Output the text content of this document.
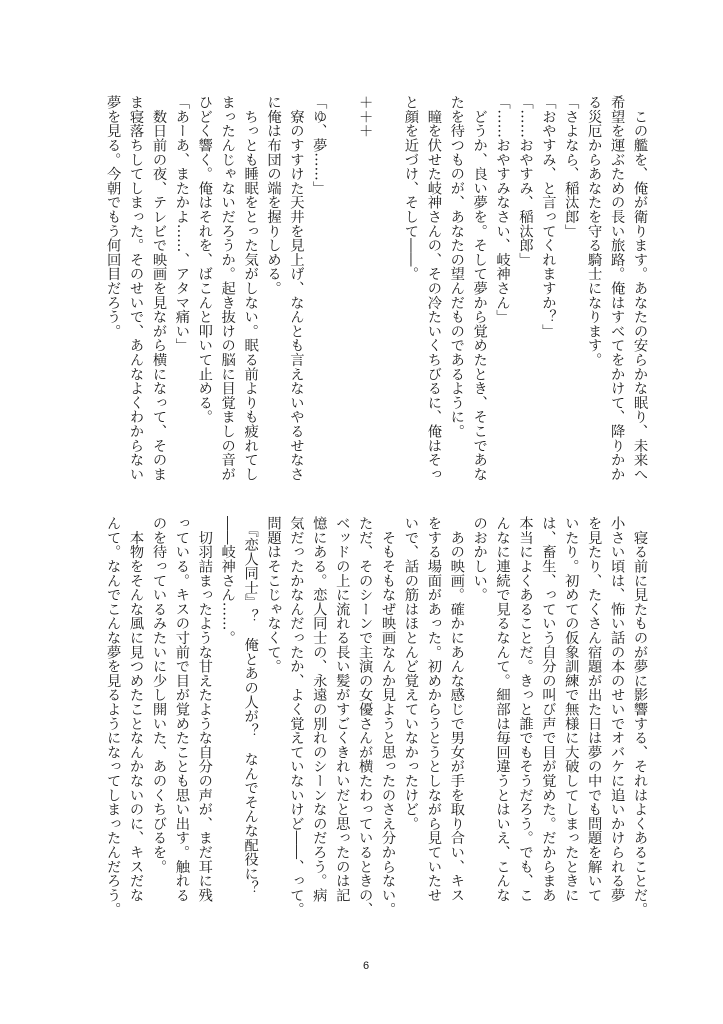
　この艦を、俺が衛ります。あなたの安らかな眠り、未来へ
希望を運ぶための長い旅路。俺はすべてをかけて、降りかか
る災厄からあなたを守る騎士になります。
「さよなら、稲汰郎」
「おやすみ、と言ってくれますか？」
「……おやすみ、稲汰郎」
「……おやすみなさい、岐神さん」
　どうか、良い夢を。そして夢から覚めたとき、そこであな
たを待つものが、あなたの望んだものであるように。
　瞳を伏せた岐神さんの、その冷たいくちびるに、俺はそっ
と顔を近づけ、そして――。
＋＋＋
「ゆ、夢……」
　寮のすすけた天井を見上げ、なんとも言えないやるせなさ
に俺は布団の端を握りしめる。
　ちっとも睡眠をとった気がしない。眠る前よりも疲れてし
まったんじゃないだろうか。起き抜けの脳に目覚ましの音が
ひどく響く。俺はそれを、ばこんと叩いて止める。
「あーあ、またかよ……、アタマ痛い」
　数日前の夜、テレビで映画を見ながら横になって、そのま
ま寝落ちしてしまった。そのせいで、あんなよくわからない
夢を見る。今朝でもう何回目だろう。
　寝る前に見たものが夢に影響する、それはよくあることだ。
小さい頃は、怖い話の本のせいでオバケに追いかけられる夢
を見たり、たくさん宿題が出た日は夢の中でも問題を解いて
いたり。初めての仮象訓練で無様に大破してしまったときに
は、畜生、っていう自分の叫び声で目が覚めた。だからまあ
本当によくあることだ。きっと誰でもそうだろう。でも、こ
んなに連続で見るなんて。細部は毎回違うとはいえ、こんな
のおかしい。
　あの映画。確かにあんな感じで男女が手を取り合い、キス
をする場面があった。初めからうとうとしながら見ていたせ
いで、話の筋はほとんど覚えていなかったけど。
　そもそもなぜ映画なんか見ようと思ったのさえ分からない。
ただ、そのシーンで主演の女優さんが横たわっているときの、
ベッドの上に流れる長い髪がすごくきれいだと思ったのは記
憶にある。恋人同士の、永遠の別れのシーンなのだろう。病
気だったかなんだったか、よく覚えていないけど――、って。
問題はそこじゃなくて。
　『恋人同士』？　俺とあの人が？　なんでそんな配役に？
――岐神さん……。
　切羽詰まったような甘えたような自分の声が、まだ耳に残
っている。キスの寸前で目が覚めたことも思い出す。触れる
のを待っているみたいに少し開いた、あのくちびるを。
　本物をそんな風に見つめたことなんかないのに、キスだな
んて。なんでこんな夢を見るようになってしまったんだろう。
6
